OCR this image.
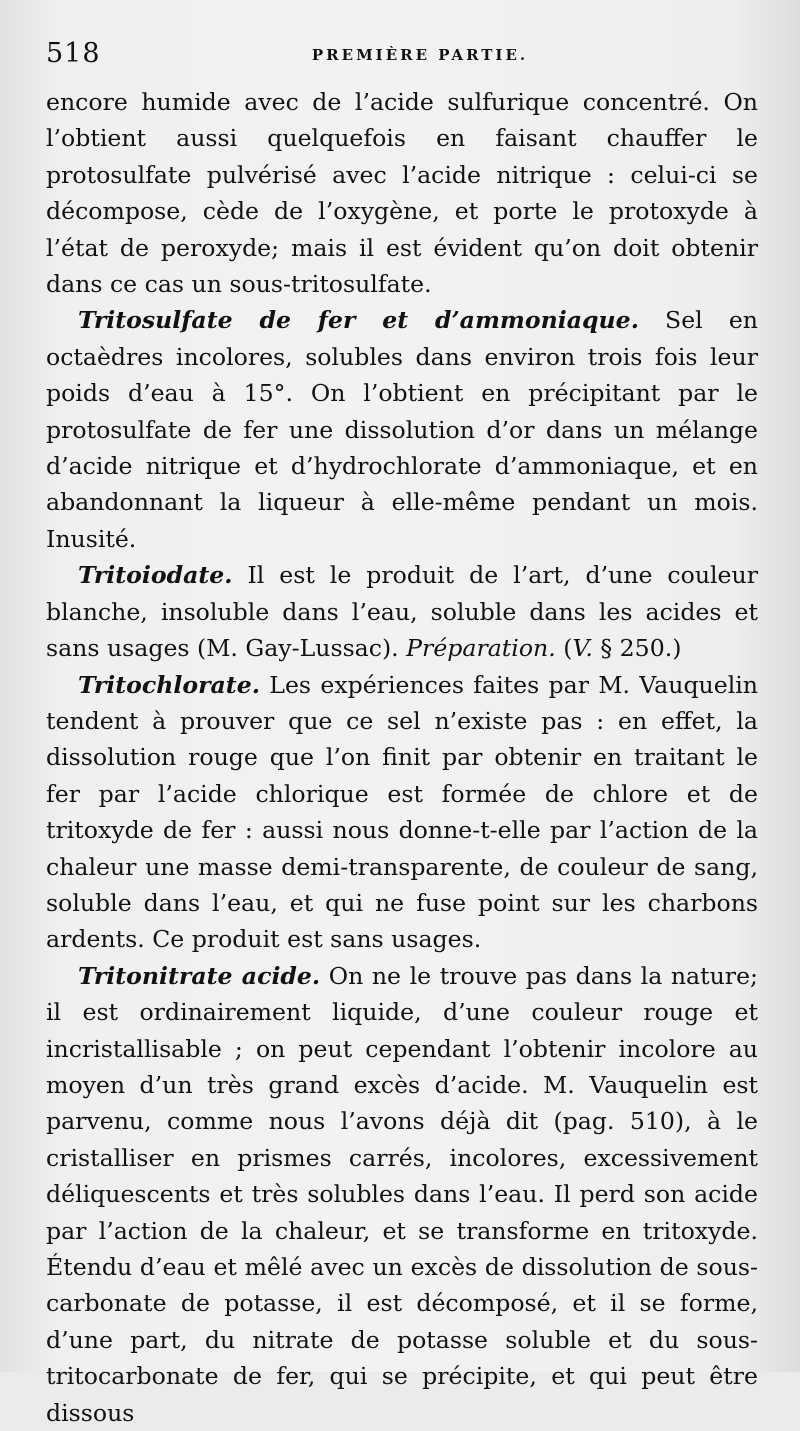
518	PREMIÈRE PARTIE.

encore humide avec de l’acide sulfurique concentré. On l’obtient aussi quelquefois en faisant chauffer le protosulfate pulvérisé avec l’acide nitrique : celui-ci se décompose, cède de l’oxygène, et porte le protoxyde à l’état de peroxyde; mais il est évident qu’on doit obtenir dans ce cas un sous-tritosulfate.

Tritosulfate de fer et d’ammoniaque. Sel en octaèdres incolores, solubles dans environ trois fois leur poids d’eau à 15°. On l’obtient en précipitant par le protosulfate de fer une dissolution d’or dans un mélange d’acide nitrique et d’hydrochlorate d’ammoniaque, et en abandonnant la liqueur à elle-même pendant un mois. Inusité.

Tritoiodate. Il est le produit de l’art, d’une couleur blanche, insoluble dans l’eau, soluble dans les acides et sans usages (M. Gay-Lussac). Préparation. (V. § 250.)

Tritochlorate. Les expériences faites par M. Vauquelin tendent à prouver que ce sel n’existe pas : en effet, la dissolution rouge que l’on finit par obtenir en traitant le fer par l’acide chlorique est formée de chlore et de tritoxyde de fer : aussi nous donne-t-elle par l’action de la chaleur une masse demi-transparente, de couleur de sang, soluble dans l’eau, et qui ne fuse point sur les charbons ardents. Ce produit est sans usages.

Tritonitrate acide. On ne le trouve pas dans la nature; il est ordinairement liquide, d’une couleur rouge et incristallisable ; on peut cependant l’obtenir incolore au moyen d’un très grand excès d’acide. M. Vauquelin est parvenu, comme nous l’avons déjà dit (pag. 510), à le cristalliser en prismes carrés, incolores, excessivement déliquescents et très solubles dans l’eau. Il perd son acide par l’action de la chaleur, et se transforme en tritoxyde. Étendu d’eau et mêlé avec un excès de dissolution de sous-carbonate de potasse, il est décomposé, et il se forme, d’une part, du nitrate de potasse soluble et du sous-tritocarbonate de fer, qui se précipite, et qui peut être dissous
